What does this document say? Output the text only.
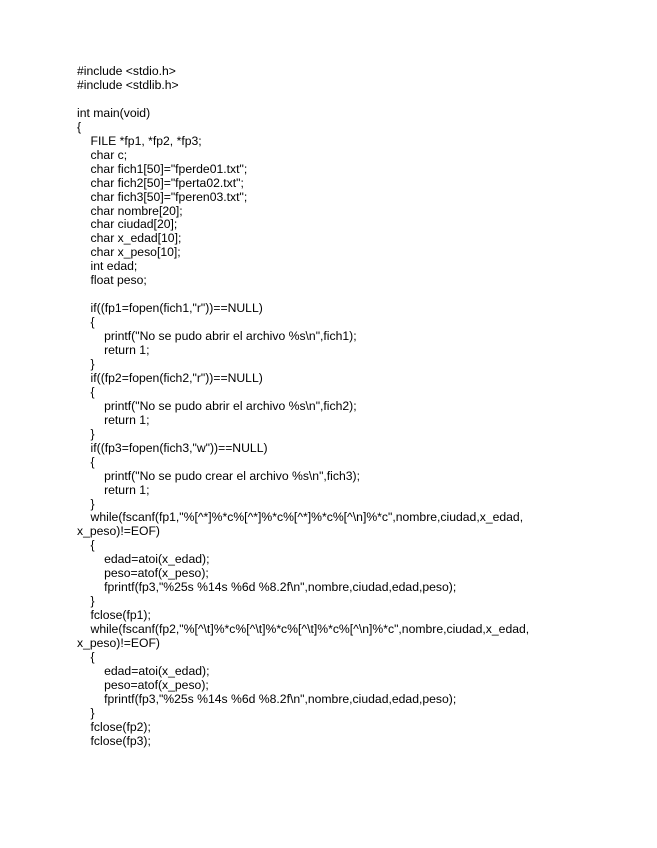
#include <stdio.h>
#include <stdlib.h>
int main(void)
{
FILE *fp1, *fp2, *fp3;
char c;
char fich1[50]="fperde01.txt";
char fich2[50]="fperta02.txt";
char fich3[50]="fperen03.txt";
char nombre[20];
char ciudad[20];
char x_edad[10];
char x_peso[10];
int edad;
float peso;
if((fp1=fopen(fich1,"r"))==NULL)
{
printf("No se pudo abrir el archivo %s\n",fich1);
return 1;
}
if((fp2=fopen(fich2,"r"))==NULL)
{
printf("No se pudo abrir el archivo %s\n",fich2);
return 1;
}
if((fp3=fopen(fich3,"w"))==NULL)
{
printf("No se pudo crear el archivo %s\n",fich3);
return 1;
}
while(fscanf(fp1,"%[^*]%*c%[^*]%*c%[^*]%*c%[^\n]%*c",nombre,ciudad,x_edad,
x_peso)!=EOF)
{
edad=atoi(x_edad);
peso=atof(x_peso);
fprintf(fp3,"%25s %14s %6d %8.2f\n",nombre,ciudad,edad,peso);
}
fclose(fp1);
while(fscanf(fp2,"%[^\t]%*c%[^\t]%*c%[^\t]%*c%[^\n]%*c",nombre,ciudad,x_edad,
x_peso)!=EOF)
{
edad=atoi(x_edad);
peso=atof(x_peso);
fprintf(fp3,"%25s %14s %6d %8.2f\n",nombre,ciudad,edad,peso);
}
fclose(fp2);
fclose(fp3);
